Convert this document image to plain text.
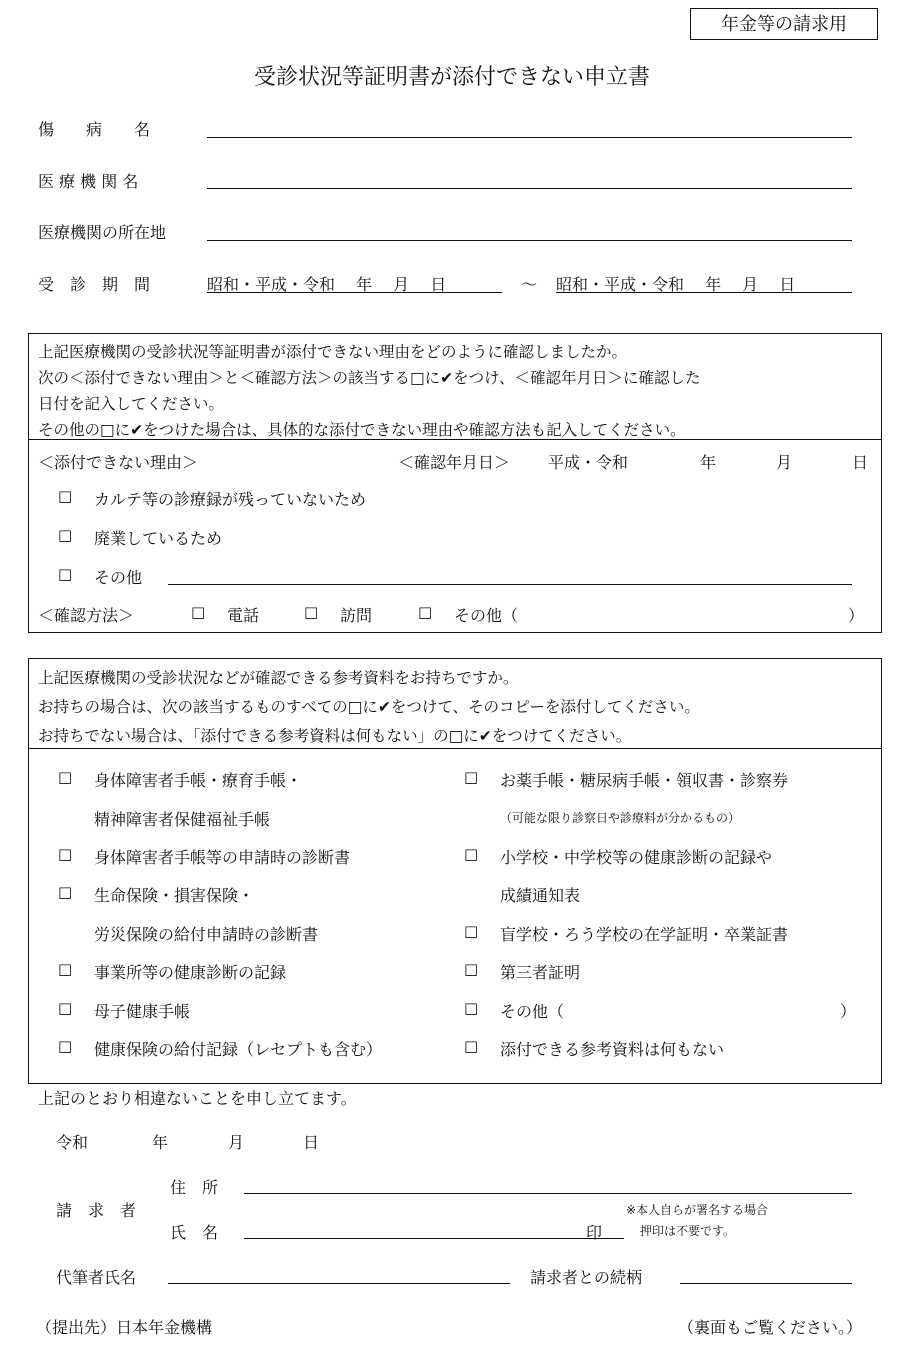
年金等の請求用
受診状況等証明書が添付できない申立書
傷　　病　　名
医 療 機 関 名
医療機関の所在地
受　診　期　間	昭和・平成・令和　 年　 月　 日	～ 昭和・平成・令和　 年　 月　 日
上記医療機関の受診状況等証明書が添付できない理由をどのように確認しましたか。
次の＜添付できない理由＞と＜確認方法＞の該当する□に✔をつけ、＜確認年月日＞に確認した
日付を記入してください。
その他の□に✔をつけた場合は、具体的な添付できない理由や確認方法も記入してください。
＜添付できない理由＞	＜確認年月日＞ 平成・令和	年	月	日
□ カルテ等の診療録が残っていないため
□ 廃業しているため
□ その他
＜確認方法＞	□ 電話	□ 訪問	□ その他（	）
上記医療機関の受診状況などが確認できる参考資料をお持ちですか。
お持ちの場合は、次の該当するものすべての□に✔をつけて、そのコピーを添付してください。
お持ちでない場合は、「添付できる参考資料は何もない」の□に✔をつけてください。
□ 身体障害者手帳・療育手帳・
精神障害者保健福祉手帳
□ 身体障害者手帳等の申請時の診断書
□ 生命保険・損害保険・
労災保険の給付申請時の診断書
□ 事業所等の健康診断の記録
□ 母子健康手帳
□ 健康保険の給付記録（レセプトも含む）
□ お薬手帳・糖尿病手帳・領収書・診察券
（可能な限り診察日や診療料が分かるもの）
□ 小学校・中学校等の健康診断の記録や
成績通知表
□ 盲学校・ろう学校の在学証明・卒業証書
□ 第三者証明
□ その他（	）
□ 添付できる参考資料は何もない
上記のとおり相違ないことを申し立てます。
令和	年	月	日
請　求　者
住　所
氏　名	印
※本人自らが署名する場合
押印は不要です。
代筆者氏名	請求者との続柄
（提出先）日本年金機構	（裏面もご覧ください。）
